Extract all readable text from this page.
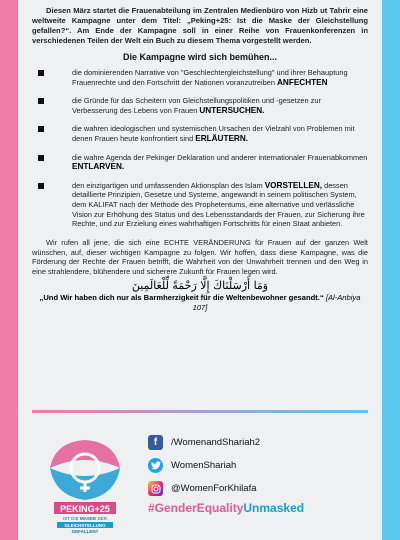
Diesen März startet die Frauenabteilung im Zentralen Medienbüro von Hizb ut Tahrir eine weltweite Kampagne unter dem Titel: „Peking+25: Ist die Maske der Gleichstellung gefallen?“. Am Ende der Kampagne soll in einer Reihe von Frauenkonferenzen in verschiedenen Teilen der Welt ein Buch zu diesem Thema vorgestellt werden.

Die Kampagne wird sich bemühen...
die dominierenden Narrative von "Geschlechtergleichstellung" und ihrer Behauptung Frauenrechte und den Fortschritt der Nationen voranzutreiben ANFECHTEN
die Gründe für das Scheitern von Gleichstellungspolitiken und -gesetzen zur Verbesserung des Lebens von Frauen UNTERSUCHEN.
die wahren ideologischen und systemischen Ursachen der Vielzahl von Problemen mit denen Frauen heute konfrontiert sind ERLÄUTERN.
die wahre Agenda der Pekinger Deklaration und anderer internationaler Frauenabkommen ENTLARVEN.
den einzigartigen und umfassenden Aktionsplan des Islam VORSTELLEN, dessen detaillierte Prinzipien, Gesetze und Systeme, angewandt in seinem politischen System, dem KALIFAT nach der Methode des Prophetentums, eine alternative und verlässliche Vision zur Erhöhung des Status und des Lebensstandards der Frauen, zur Sicherung ihre Rechte, und zur Erzielung eines wahrhaftigen Fortschritts für einen Staat anbieten.

Wir rufen all jene, die sich eine ECHTE VERÄNDERUNG für Frauen auf der ganzen Welt wünschen, auf, dieser wichtigen Kampagne zu folgen. Wir hoffen, dass diese Kampagne, was die Förderung der Rechte der Frauen betrifft, die Wahrheit von der Unwahrheit trennen und den Weg in eine strahlendere, blühendere und sicherere Zukunft für Frauen legen wird.

وَمَا أَرْسَلْنَاكَ إِلَّا رَحْمَةً لِّلْعَالَمِينَ
„Und Wir haben dich nur als Barmherzigkeit für die Weltenbewohner gesandt.“ [Al-Anbiya 107]
PEKING+25
IST DIE MASKE DER
GLEICHSTELLUNG
GEFALLEN?
f	/WomenandShariah2
WomenShariah
@WomenForKhilafa
#GenderEqualityUnmasked
